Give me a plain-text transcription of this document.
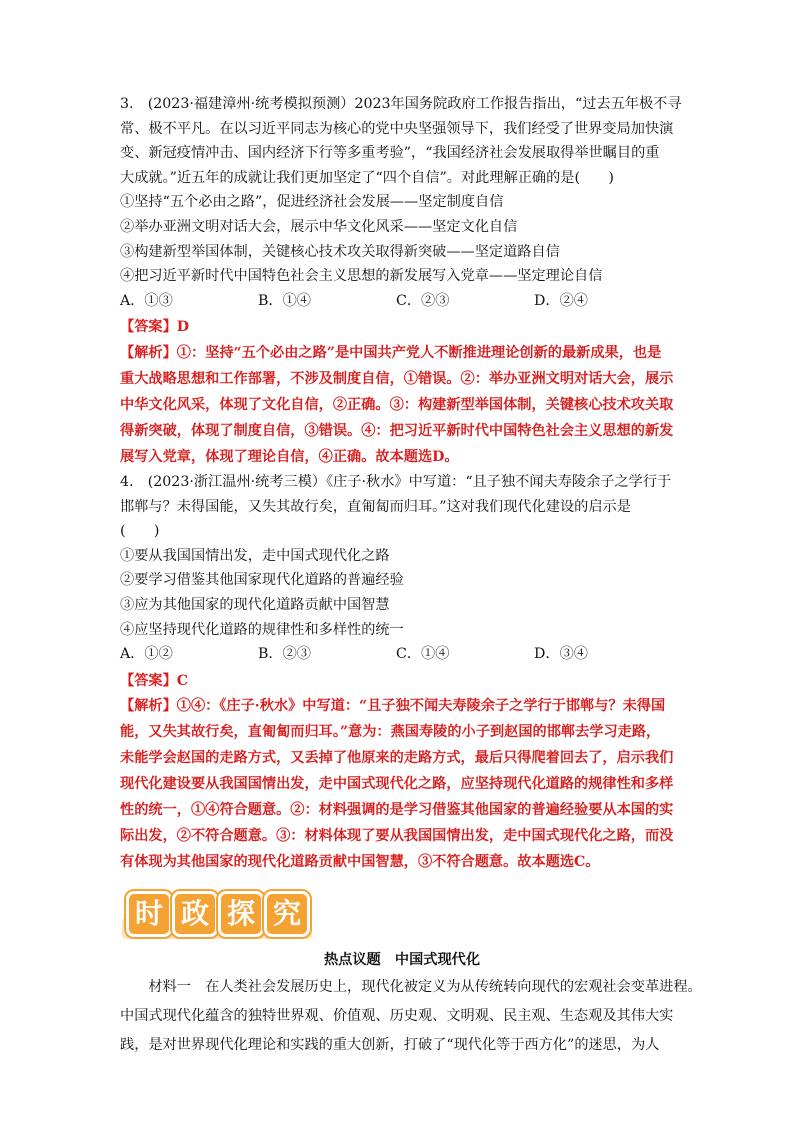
3.　(2023·福建漳州·统考模拟预测）2023年国务院政府工作报告指出，“过去五年极不寻
常、极不平凡。在以习近平同志为核心的党中央坚强领导下，我们经受了世界变局加快演
变、新冠疫情冲击、国内经济下行等多重考验”，“我国经济社会发展取得举世瞩目的重
大成就。”近五年的成就让我们更加坚定了“四个自信”。对此理解正确的是(　　)
①坚持“五个必由之路”，促进经济社会发展——坚定制度自信
②举办亚洲文明对话大会，展示中华文化风采——坚定文化自信
③构建新型举国体制，关键核心技术攻关取得新突破——坚定道路自信
④把习近平新时代中国特色社会主义思想的新发展写入党章——坚定理论自信
A．①③	B．①④	C．②③	D．②④
【答案】D
【解析】①：坚持“五个必由之路”是中国共产党人不断推进理论创新的最新成果，也是
重大战略思想和工作部署，不涉及制度自信，①错误。②：举办亚洲文明对话大会，展示
中华文化风采，体现了文化自信，②正确。③：构建新型举国体制，关键核心技术攻关取
得新突破，体现了制度自信，③错误。④：把习近平新时代中国特色社会主义思想的新发
展写入党章，体现了理论自信，④正确。故本题选D。
4.　(2023·浙江温州·统考三模）《庄子·秋水》中写道：“且子独不闻夫寿陵余子之学行于
邯郸与？未得国能，又失其故行矣，直匍匐而归耳。”这对我们现代化建设的启示是
(　　)
①要从我国国情出发，走中国式现代化之路
②要学习借鉴其他国家现代化道路的普遍经验
③应为其他国家的现代化道路贡献中国智慧
④应坚持现代化道路的规律性和多样性的统一
A．①②	B．②③	C．①④	D．③④
【答案】C
【解析】①④：《庄子·秋水》中写道：“且子独不闻夫寿陵余子之学行于邯郸与？未得国
能，又失其故行矣，直匍匐而归耳。”意为：燕国寿陵的小子到赵国的邯郸去学习走路，
未能学会赵国的走路方式，又丢掉了他原来的走路方式，最后只得爬着回去了，启示我们
现代化建设要从我国国情出发，走中国式现代化之路，应坚持现代化道路的规律性和多样
性的统一，①④符合题意。②：材料强调的是学习借鉴其他国家的普遍经验要从本国的实
际出发，②不符合题意。③：材料体现了要从我国国情出发，走中国式现代化之路，而没
有体现为其他国家的现代化道路贡献中国智慧，③不符合题意。故本题选C。
时 政 探 究
热点议题　中国式现代化
　　材料一　在人类社会发展历史上，现代化被定义为从传统转向现代的宏观社会变革进程。
中国式现代化蕴含的独特世界观、价值观、历史观、文明观、民主观、生态观及其伟大实
践，是对世界现代化理论和实践的重大创新，打破了“现代化等于西方化”的迷思，为人
